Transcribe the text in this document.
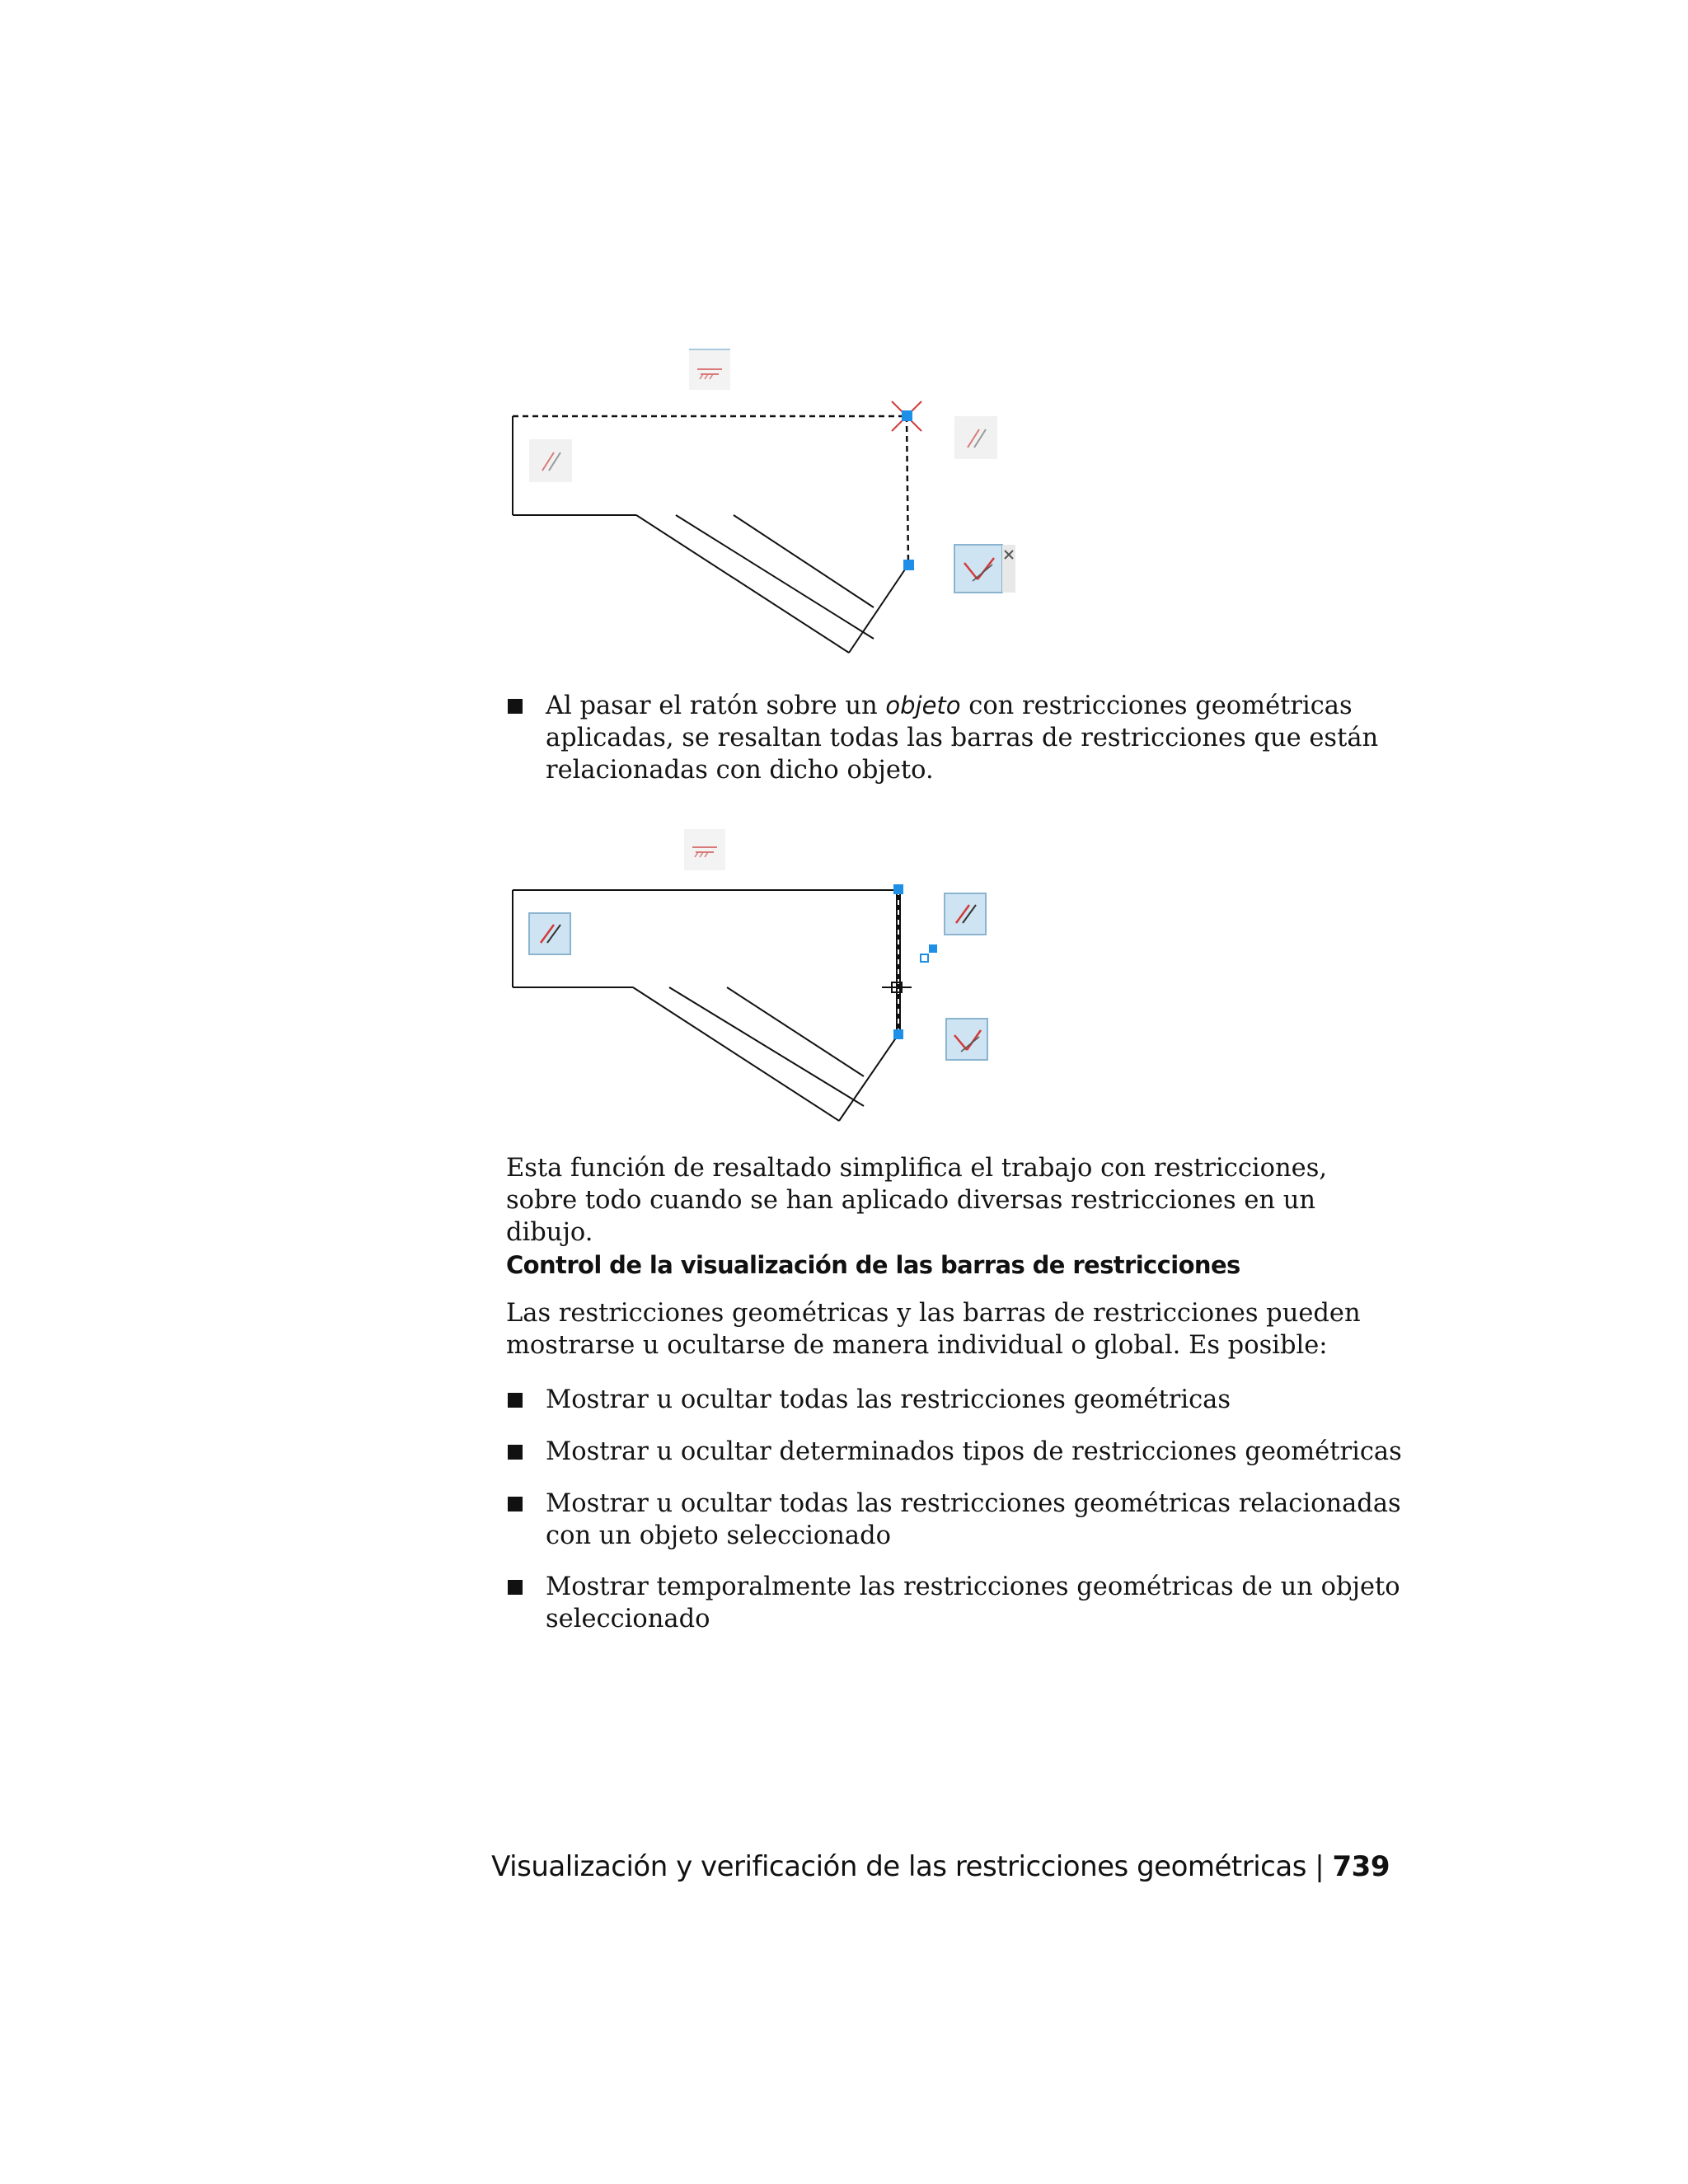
Al pasar el ratón sobre un objeto con restricciones geométricas aplicadas, se resaltan todas las barras de restricciones que están relacionadas con dicho objeto.
Esta función de resaltado simplifica el trabajo con restricciones, sobre todo cuando se han aplicado diversas restricciones en un dibujo.
Control de la visualización de las barras de restricciones
Las restricciones geométricas y las barras de restricciones pueden mostrarse u ocultarse de manera individual o global. Es posible:
Mostrar u ocultar todas las restricciones geométricas
Mostrar u ocultar determinados tipos de restricciones geométricas
Mostrar u ocultar todas las restricciones geométricas relacionadas con un objeto seleccionado
Mostrar temporalmente las restricciones geométricas de un objeto seleccionado
Visualización y verificación de las restricciones geométricas | 739
